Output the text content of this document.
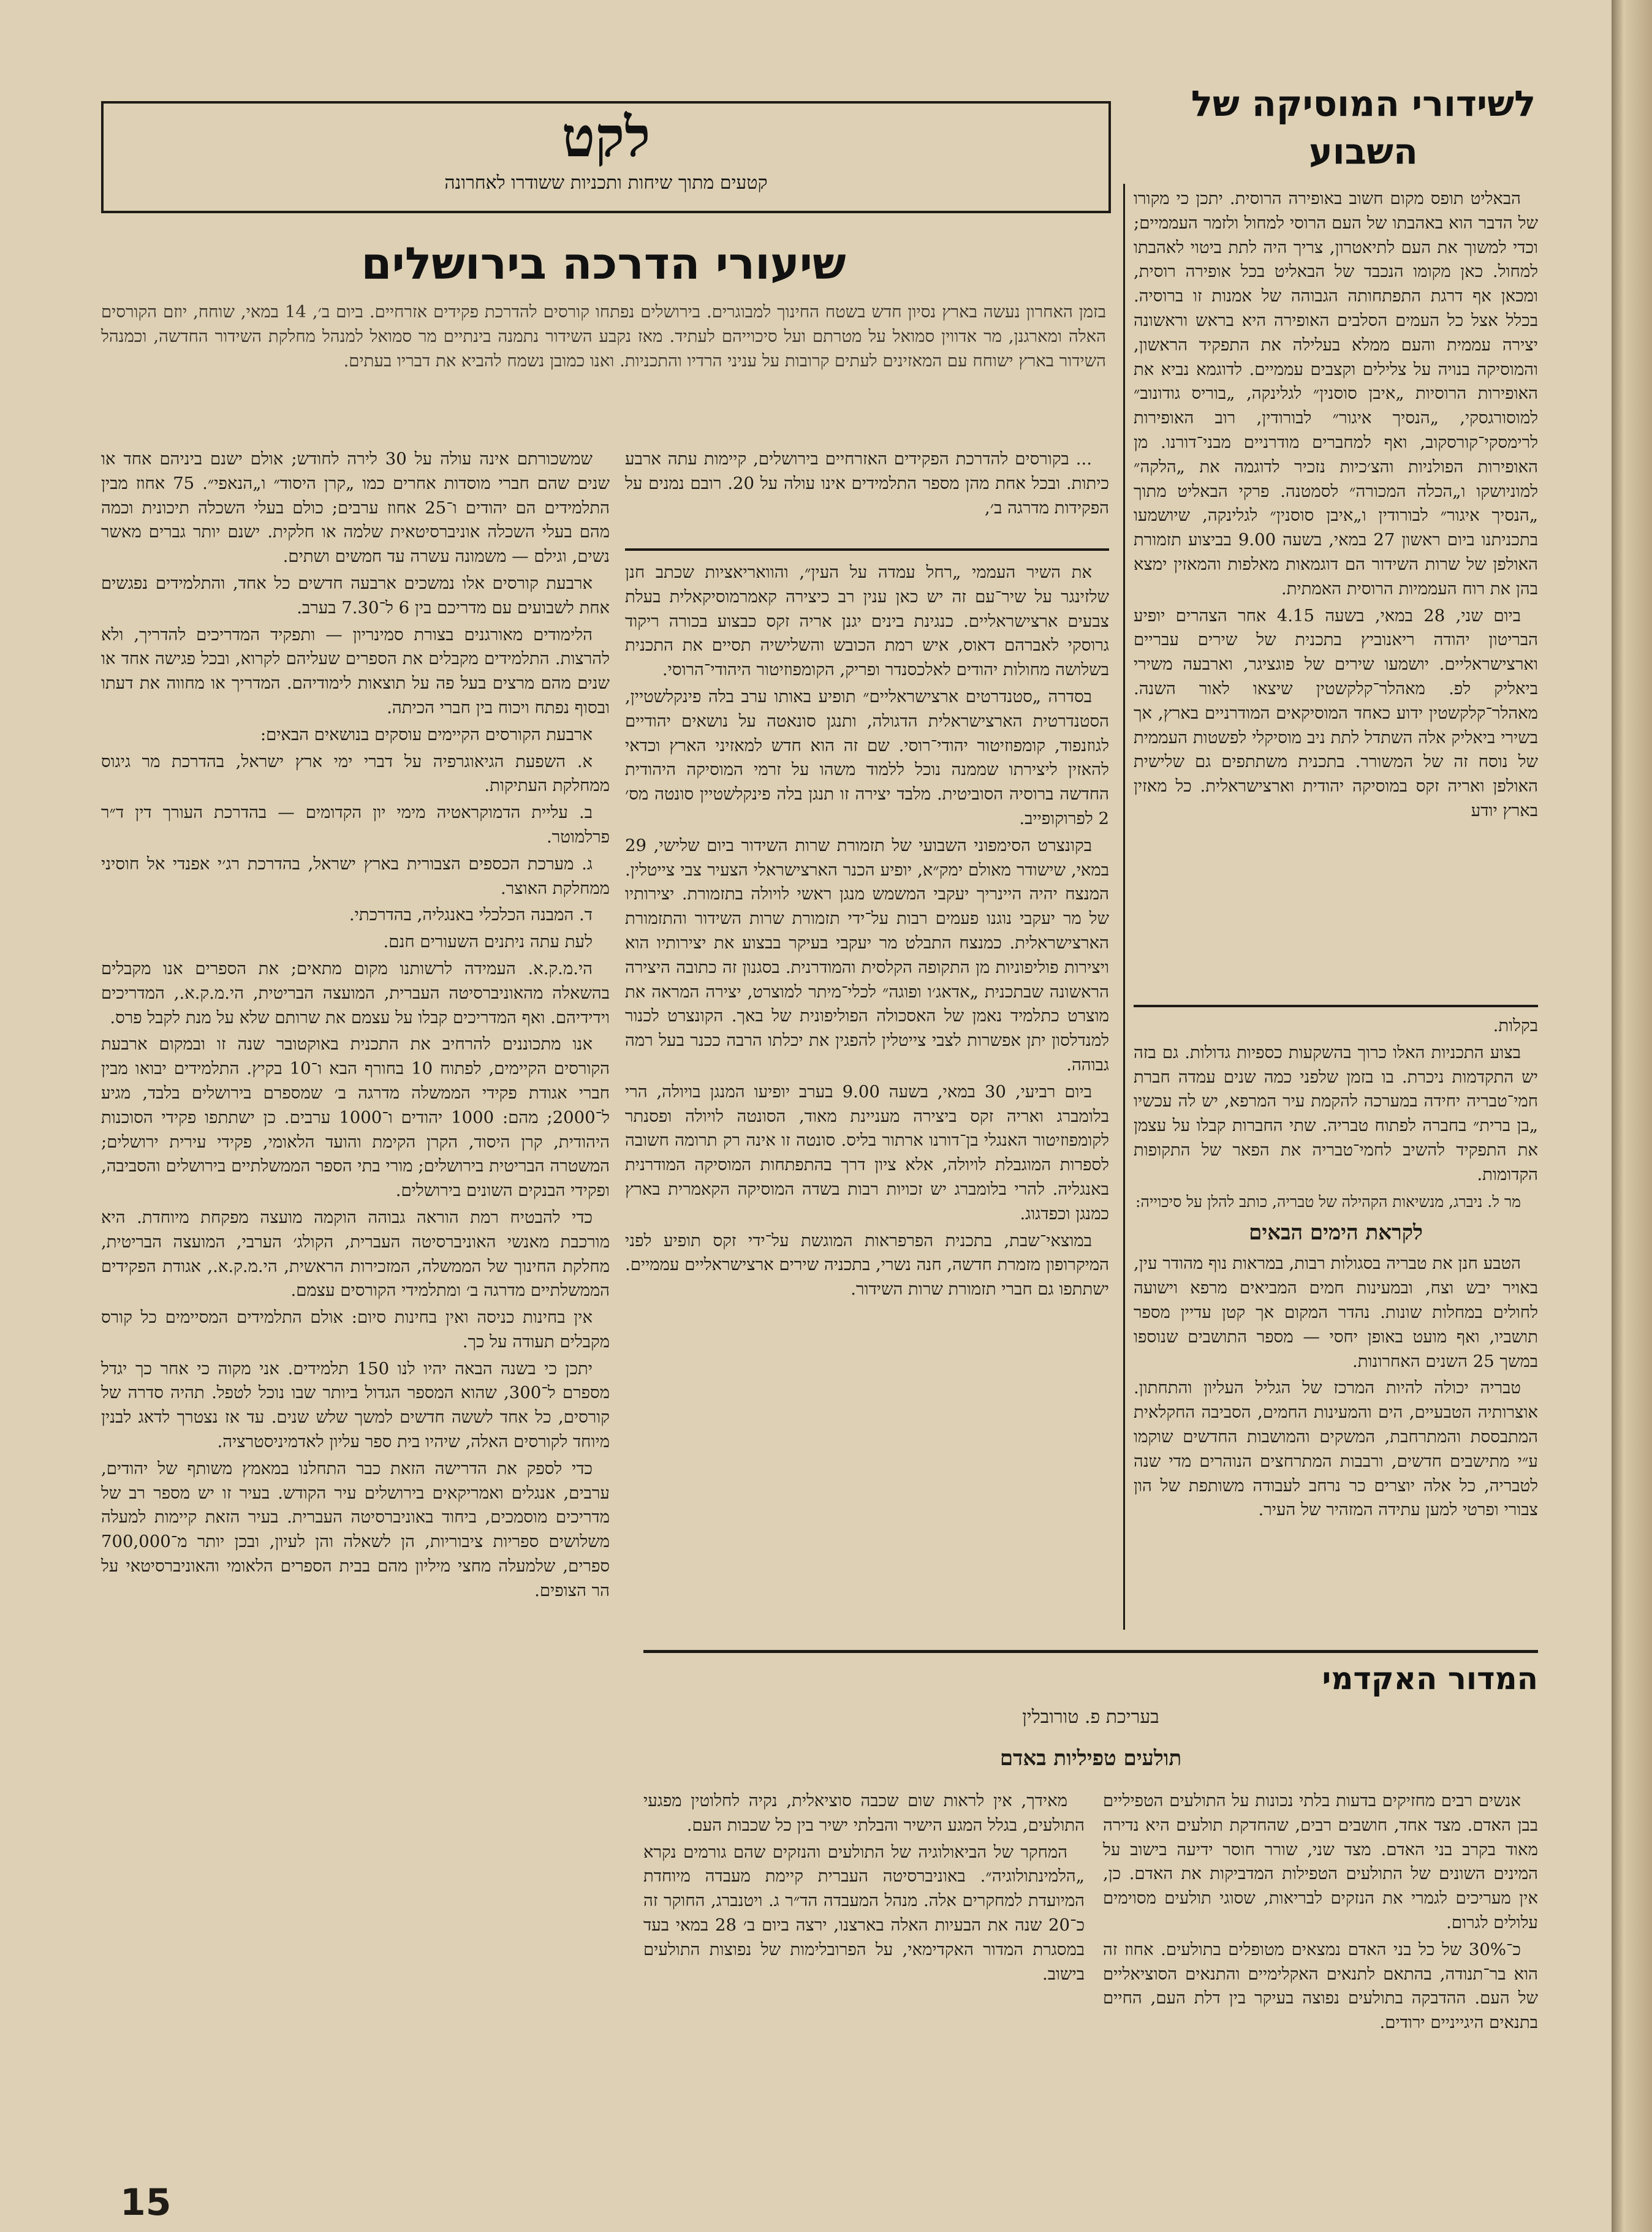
לשידורי המוסיקה של השבוע

הבאליט תופס מקום חשוב באופירה הרוסית. יתכן כי מקורו של הדבר הוא באהבתו של העם הרוסי למחול ולזמר העממיים; וכדי למשוך את העם לתיאטרון, צריך היה לתת ביטוי לאהבתו למחול. כאן מקומו הנכבד של הבאליט בכל אופירה רוסית, ומכאן אף דרגת התפתחותה הגבוהה של אמנות זו ברוסיה. בכלל אצל כל העמים הסלבים האופירה היא בראש וראשונה יצירה עממית והעם ממלא בעלילה את התפקיד הראשון, והמוסיקה בנויה על צלילים וקצבים עממיים. לדוגמא נביא את האופירות הרוסיות „איבן סוסנין״ לגלינקה, „בוריס גודונוב״ למוסורגסקי, „הנסיך איגור״ לבורודין, רוב האופירות לרימסקי־קורסקוב, ואף למחברים מודרניים מבני־דורנו. מן האופירות הפולניות והצ׳כיות נזכיר לדוגמה את „הלקה״ למוניושקו ו„הכלה המכורה״ לסמטנה. פרקי הבאליט מתוך „הנסיך איגור״ לבורודין ו„איבן סוסנין״ לגלינקה, שיושמעו בתכניתנו ביום ראשון 27 במאי, בשעה 9.00 בביצוע תזמורת האולפן של שרות השידור הם דוגמאות מאלפות והמאזין ימצא בהן את רוח העממיות הרוסית האמתית.

ביום שני, 28 במאי, בשעה 4.15 אחר הצהרים יופיע הבריטון יהודה ריאנוביץ בתכנית של שירים עבריים וארצישראליים. יושמעו שירים של פוגציגר, וארבעה משירי ביאליק לפ. מאהלר־קלקשטין שיצאו לאור השנה. מאהלר־קלקשטין ידוע כאחד המוסיקאים המודרניים בארץ, אך בשירי ביאליק אלה השתדל לתת ניב מוסיקלי לפשטות העממית של נוסח זה של המשורר. בתכנית משתתפים גם שלישית האולפן ואריה זקס במוסיקה יהודית וארצישראלית. כל מאזין בארץ יודע

בקלות.

בצוע התכניות האלו כרוך בהשקעות כספיות גדולות. גם בזה יש התקדמות ניכרת. בו בזמן שלפני כמה שנים עמדה חברת חמי־טבריה יחידה במערכה להקמת עיר המרפא, יש לה עכשיו „בן ברית״ בחברה לפתוח טבריה. שתי החברות קבלו על עצמן את התפקיד להשיב לחמי־טבריה את הפאר של התקופות הקדומות.

מר ל. ניברג, מנשיאות הקהילה של טבריה, כותב להלן על סיכוייה:

לקראת הימים הבאים

הטבע חנן את טבריה בסגולות רבות, במראות נוף מהודר עין, באויר יבש וצח, ובמעינות חמים המביאים מרפא וישועה לחולים במחלות שונות. נהדר המקום אך קטן עדיין מספר תושביו, ואף מועט באופן יחסי — מספר התושבים שנוספו במשך 25 השנים האחרונות.

טבריה יכולה להיות המרכז של הגליל העליון והתחתון. אוצרותיה הטבעיים, הים והמעינות החמים, הסביבה החקלאית המתבססת והמתרחבת, המשקים והמושבות החדשים שוקמו ע״י מתישבים חדשים, ורבבות המתרחצים הנוהרים מדי שנה לטבריה, כל אלה יוצרים כר נרחב לעבודה משותפת של הון צבורי ופרטי למען עתידה המזהיר של העיר.

לקט
קטעים מתוך שיחות ותכניות ששודרו לאחרונה
שיעורי הדרכה בירושלים

בזמן האחרון נעשה בארץ נסיון חדש בשטח החינוך למבוגרים. בירושלים נפתחו קורסים להדרכת פקידים אזרחיים. ביום ב׳, 14 במאי, שוחח, יוזם הקורסים האלה ומארגנן, מר אדווין סמואל על מטרתם ועל סיכוייהם לעתיד. מאז נקבע השידור נתמנה בינתיים מר סמואל למנהל מחלקת השידור החדשה, וכמנהל השידור בארץ ישוחח עם המאזינים לעתים קרובות על עניני הרדיו והתכניות. ואנו כמובן נשמח להביא את דבריו בעתים.

... בקורסים להדרכת הפקידים האזרחיים בירושלים, קיימות עתה ארבע כיתות. ובכל אחת מהן מספר התלמידים אינו עולה על 20. רובם נמנים על הפקידות מדרגה ב׳,

את השיר העממי „רחל עמדה על העין״, והוואריאציות שכתב חנן שלזינגר על שיר־עם זה יש כאן ענין רב כיצירה קאמרמוסיקאלית בעלת צבעים ארצישראליים. כנגינת בינים יגנן אריה זקס כבצוע בכורה ריקוד גרוסקי לאברהם דאוס, איש רמת הכובש והשלישיה תסיים את התכנית בשלושה מחולות יהודים לאלכסנדר ופריק, הקומפוזיטור היהודי־הרוסי.

בסדרה „סטנדרטים ארצישראליים״ תופיע באותו ערב בלה פינקלשטיין, הסטנדרטית הארצישראלית הדגולה, ותנגן סונאטה על נושאים יהודיים לגוזנפוד, קומפוזיטור יהודי־רוסי. שם זה הוא חדש למאזיני הארץ וכדאי להאזין ליצירתו שממנה נוכל ללמוד משהו על זרמי המוסיקה היהודית החדשה ברוסיה הסוביטית. מלבד יצירה זו תנגן בלה פינקלשטיין סונטה מס׳ 2 לפרוקופייב.

בקונצרט הסימפוני השבועי של תזמורת שרות השידור ביום שלישי, 29 במאי, שישודר מאולם ימק״א, יופיע הכנר הארצישראלי הצעיר צבי צייטלין. המנצח יהיה היינריך יעקבי המשמש מנגן ראשי לויולה בתזמורת. יצירותיו של מר יעקבי נוגנו פעמים רבות על־ידי תזמורת שרות השידור והתזמורת הארצישראלית. כמנצח התבלט מר יעקבי בעיקר בבצוע את יצירותיו הוא ויצירות פוליפוניות מן התקופה הקלסית והמודרנית. בסגנון זה כתובה היצירה הראשונה שבתכנית „אדאג׳ו ופוגה״ לכלי־מיתר למוצרט, יצירה המראה את מוצרט כתלמיד נאמן של האסכולה הפוליפונית של באך. הקונצרט לכנור למנדלסון יתן אפשרות לצבי צייטלין להפגין את יכלתו הרבה ככנר בעל רמה גבוהה.

ביום רביעי, 30 במאי, בשעה 9.00 בערב יופיעו המנגן בויולה, הרי בלומברג ואריה זקס ביצירה מעניינת מאוד, הסונטה לויולה ופסנתר לקומפוזיטור האנגלי בן־דורנו ארתור בליס. סונטה זו אינה רק תרומה חשובה לספרות המוגבלת לויולה, אלא ציון דרך בהתפתחות המוסיקה המודרנית באנגליה. להרי בלומברג יש זכויות רבות בשדה המוסיקה הקאמרית בארץ כמנגן וכפדגוג.

במוצאי־שבת, בתכנית הפרפראות המוגשת על־ידי זקס תופיע לפני המיקרופון מזמרת חדשה, חנה נשרי, בתכניה שירים ארצישראליים עממיים. ישתתפו גם חברי תזמורת שרות השידור.

שמשכורתם אינה עולה על 30 לירה לחודש; אולם ישנם ביניהם אחד או שנים שהם חברי מוסדות אחרים כמו „קרן היסוד״ ו„הנאפי״. 75 אחוז מבין התלמידים הם יהודים ו־25 אחוז ערבים; כולם בעלי השכלה תיכונית וכמה מהם בעלי השכלה אוניברסיטאית שלמה או חלקית. ישנם יותר גברים מאשר נשים, וגילם — משמונה עשרה עד חמשים ושתים.

ארבעת קורסים אלו נמשכים ארבעה חדשים כל אחד, והתלמידים נפגשים אחת לשבועים עם מדריכם בין 6 ל־7.30 בערב.

הלימודים מאורגנים בצורת סמינריון — ותפקיד המדריכים להדריך, ולא להרצות. התלמידים מקבלים את הספרים שעליהם לקרוא, ובכל פגישה אחד או שנים מהם מרצים בעל פה על תוצאות לימודיהם. המדריך או מחווה את דעתו ובסוף נפתח ויכוח בין חברי הכיתה.

ארבעת הקורסים הקיימים עוסקים בנושאים הבאים:

א. השפעת הגיאוגרפיה על דברי ימי ארץ ישראל, בהדרכת מר גיגוס ממחלקת העתיקות.

ב. עליית הדמוקראטיה מימי יון הקדומים — בהדרכת העורך דין ד״ר פרלמוטר.

ג. מערכת הכספים הצבורית בארץ ישראל, בהדרכת רג׳י אפנדי אל חוסיני ממחלקת האוצר.

ד. המבנה הכלכלי באנגליה, בהדרכתי.

לעת עתה ניתנים השעורים חנם.

הי.מ.ק.א. העמידה לרשותנו מקום מתאים; את הספרים אנו מקבלים בהשאלה מהאוניברסיטה העברית, המועצה הבריטית, הי.מ.ק.א., המדריכים וידידיהם. ואף המדריכים קבלו על עצמם את שרותם שלא על מנת לקבל פרס.

אנו מתכוננים להרחיב את התכנית באוקטובר שנה זו ובמקום ארבעת הקורסים הקיימים, לפתוח 10 בחורף הבא ו־10 בקיץ. התלמידים יבואו מבין חברי אגודת פקידי הממשלה מדרגה ב׳ שמספרם בירושלים בלבד, מגיע ל־2000; מהם: 1000 יהודים ו־1000 ערבים. כן ישתתפו פקידי הסוכנות היהודית, קרן היסוד, הקרן הקימת והועד הלאומי, פקידי עירית ירושלים; המשטרה הבריטית בירושלים; מורי בתי הספר הממשלתיים בירושלים והסביבה, ופקידי הבנקים השונים בירושלים.

כדי להבטיח רמת הוראה גבוהה הוקמה מועצה מפקחת מיוחדת. היא מורכבת מאנשי האוניברסיטה העברית, הקולג׳ הערבי, המועצה הבריטית, מחלקת החינוך של הממשלה, המזכירות הראשית, הי.מ.ק.א., אגודת הפקידים הממשלתיים מדרגה ב׳ ומתלמידי הקורסים עצמם.

אין בחינות כניסה ואין בחינות סיום: אולם התלמידים המסיימים כל קורס מקבלים תעודה על כך.

יתכן כי בשנה הבאה יהיו לנו 150 תלמידים. אני מקוה כי אחר כך יגדל מספרם ל־300, שהוא המספר הגדול ביותר שבו נוכל לטפל. תהיה סדרה של קורסים, כל אחד לששה חדשים למשך שלש שנים. עד אז נצטרך לדאג לבנין מיוחד לקורסים האלה, שיהיו בית ספר עליון לאדמיניסטרציה.

כדי לספק את הדרישה הזאת כבר התחלנו במאמץ משותף של יהודים, ערבים, אנגלים ואמריקאים בירושלים עיר הקודש. בעיר זו יש מספר רב של מדריכים מוסמכים, ביחוד באוניברסיטה העברית. בעיר הזאת קיימות למעלה משלושים ספריות ציבוריות, הן לשאלה והן לעיון, ובכן יותר מ־700,000 ספרים, שלמעלה מחצי מיליון מהם בבית הספרים הלאומי והאוניברסיטאי על הר הצופים.

המדור האקדמי
בעריכת פ. טורובלין
תולעים טפיליות באדם

אנשים רבים מחזיקים בדעות בלתי נכונות על התולעים הטפיליים בבן האדם. מצד אחד, חושבים רבים, שהחדקת תולעים היא נדירה מאוד בקרב בני האדם. מצד שני, שורר חוסר ידיעה בישוב על המינים השונים של התולעים הטפילות המדביקות את האדם. כן, אין מעריכים לגמרי את הנזקים לבריאות, שסוגי תולעים מסוימים עלולים לגרום.

כ־30% של כל בני האדם נמצאים מטופלים בתולעים. אחוז זה הוא בר־תנודה, בהתאם לתנאים האקלימיים והתנאים הסוציאליים של העם. ההדבקה בתולעים נפוצה בעיקר בין דלת העם, החיים בתנאים היגייניים ירודים.

מאידך, אין לראות שום שכבה סוציאלית, נקיה לחלוטין מפגעי התולעים, בגלל המגע הישיר והבלתי ישיר בין כל שכבות העם.

המחקר של הביאולוגיה של התולעים והנזקים שהם גורמים נקרא „הלמינתולוגיה״. באוניברסיטה העברית קיימת מעבדה מיוחדת המיועדת למחקרים אלה. מנהל המעבדה הד״ר ג. ויטנברג, החוקר זה כ־20 שנה את הבעיות האלה בארצנו, ירצה ביום ב׳ 28 במאי בעד במסגרת המדור האקדימאי, על הפרובלימות של נפוצות התולעים בישוב.

15
